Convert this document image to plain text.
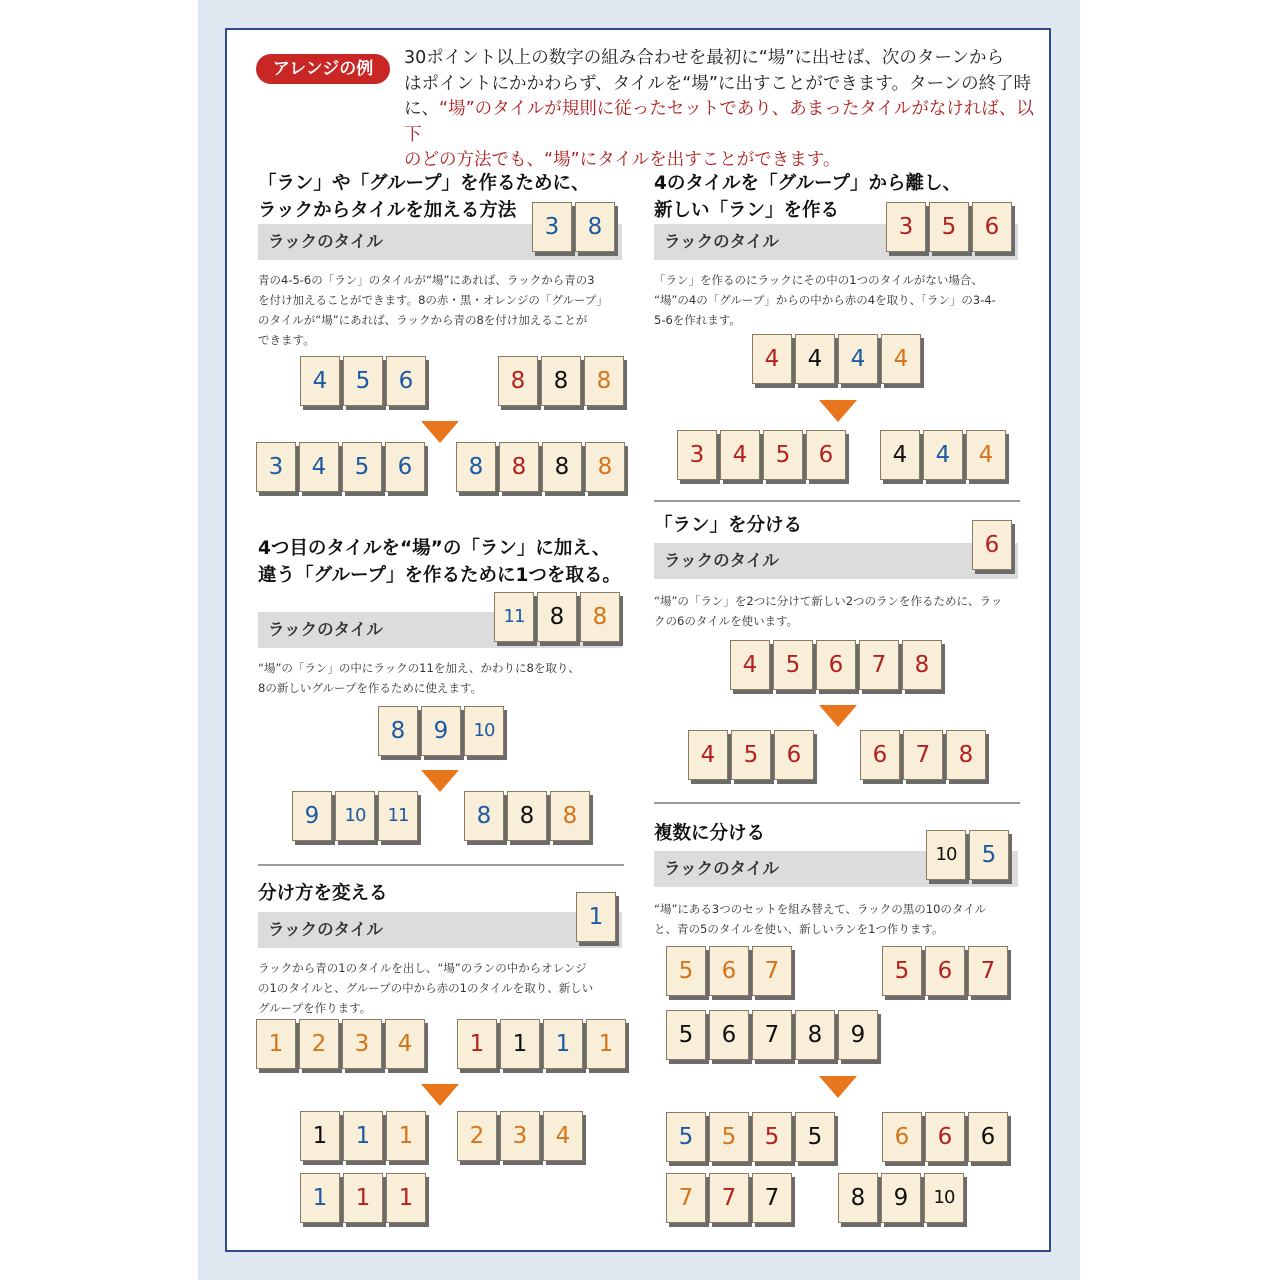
アレンジの例
30ポイント以上の数字の組み合わせを最初に“場”に出せば、次のターンから
はポイントにかかわらず、タイルを“場”に出すことができます。ターンの終了時
に、“場”のタイルが規則に従ったセットであり、あまったタイルがなければ、以下
のどの方法でも、“場”にタイルを出すことができます。
「ラン」や「グループ」を作るために、
ラックからタイルを加える方法
ラックのタイル
青の4-5-6の「ラン」のタイルが“場”にあれば、ラックから青の3
を付け加えることができます。8の赤・黒・オレンジの「グループ」
のタイルが“場”にあれば、ラックから青の8を付け加えることが
できます。
4のタイルを「グループ」から離し、
新しい「ラン」を作る
ラックのタイル
「ラン」を作るのにラックにその中の1つのタイルがない場合、
“場”の4の「グループ」からの中から赤の4を取り、「ラン」の3-4-
5-6を作れます。
4つ目のタイルを“場”の「ラン」に加え、
違う「グループ」を作るために1つを取る。
ラックのタイル
“場”の「ラン」の中にラックの11を加え、かわりに8を取り、
8の新しいグループを作るために使えます。
「ラン」を分ける
ラックのタイル
“場”の「ラン」を2つに分けて新しい2つのランを作るために、ラッ
クの6のタイルを使います。
分け方を変える
ラックのタイル
ラックから青の1のタイルを出し、“場”のランの中からオレンジ
の1のタイルと、グループの中から赤の1のタイルを取り、新しい
グループを作ります。
複数に分ける
ラックのタイル
“場”にある3つのセットを組み替えて、ラックの黒の10のタイル
と、青の5のタイルを使い、新しいランを1つ作ります。
3	8
4	5	6	8	8	8
3	4	5	6	8	8	8	8
3	5	6
4	4	4	4
3	4	5	6	4	4	4
11	8	8
8	9	10
9	10	11	8	8	8
6
4	5	6	7	8
4	5	6	6	7	8
1
1	2	3	4	1	1	1	1
1	1	1	2	3	4
1	1	1
10	5
5	6	7	5	6	7
5	6	7	8	9
5	5	5	5	6	6	6
7	7	7	8	9	10
